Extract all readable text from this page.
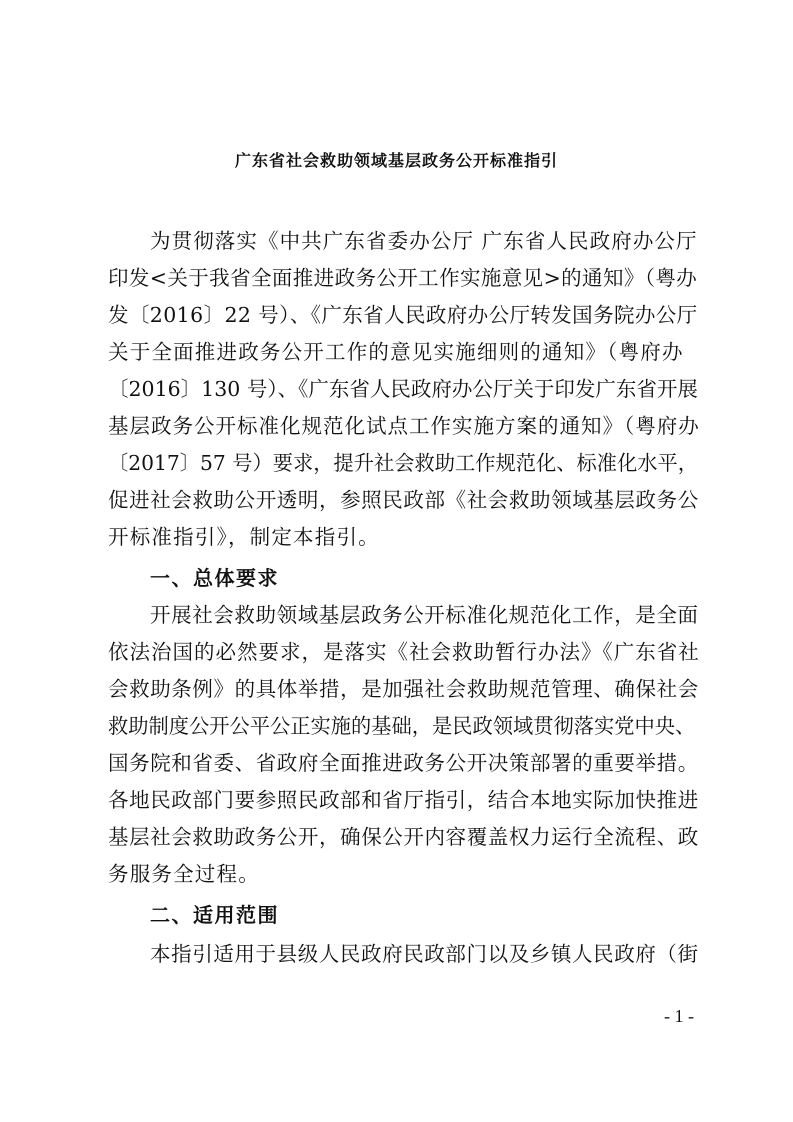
广东省社会救助领域基层政务公开标准指引
为贯彻落实《中共广东省委办公厅 广东省人民政府办公厅
印发<关于我省全面推进政务公开工作实施意见>的通知》（粤办
发〔2016〕22 号）、《广东省人民政府办公厅转发国务院办公厅
关于全面推进政务公开工作的意见实施细则的通知》（粤府办
〔2016〕130 号）、《广东省人民政府办公厅关于印发广东省开展
基层政务公开标准化规范化试点工作实施方案的通知》（粤府办
〔2017〕57 号）要求，提升社会救助工作规范化、标准化水平，
促进社会救助公开透明，参照民政部《社会救助领域基层政务公
开标准指引》，制定本指引。
一、总体要求
开展社会救助领域基层政务公开标准化规范化工作，是全面
依法治国的必然要求，是落实《社会救助暂行办法》《广东省社
会救助条例》的具体举措，是加强社会救助规范管理、确保社会
救助制度公开公平公正实施的基础，是民政领域贯彻落实党中央、
国务院和省委、省政府全面推进政务公开决策部署的重要举措。
各地民政部门要参照民政部和省厅指引，结合本地实际加快推进
基层社会救助政务公开，确保公开内容覆盖权力运行全流程、政
务服务全过程。
二、适用范围
本指引适用于县级人民政府民政部门以及乡镇人民政府（街
- 1 -
